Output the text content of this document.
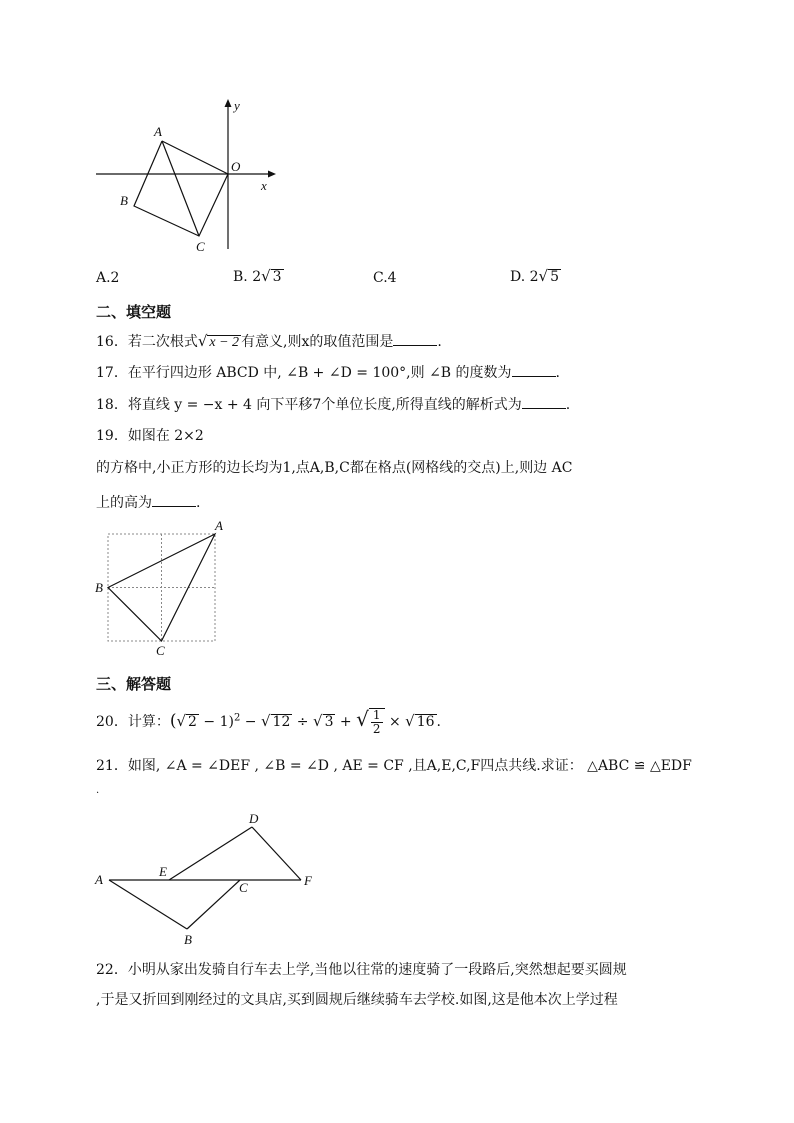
y
O
x
A
B
C
A.2	B. 2√ 3	C.4	D. 2√ 5
二、填空题
16．若二次根式√ x − 2 有意义,则x的取值范围是	.
17．在平行四边形 ABCD 中, ∠B + ∠D = 100°,则 ∠B 的度数为	.
18．将直线 y = −x + 4 向下平移7个单位长度,所得直线的解析式为	.
19．如图在 2×2
的方格中,小正方形的边长均为1,点A,B,C都在格点(网格线的交点)上,则边 AC
上的高为	.
A
B
C
三、解答题
20．计算：(√ 2 − 1)$^2$ − √ 12 ÷ √ 3 + √ $\frac{1}{2}$ × √ 16 .
21．如图, ∠A = ∠DEF , ∠B = ∠D , AE = CF ,且A,E,C,F四点共线.求证： △ABC ≌ △EDF
.
A
E
C	F
D
B
22．小明从家出发骑自行车去上学,当他以往常的速度骑了一段路后,突然想起要买圆规
,于是又折回到刚经过的文具店,买到圆规后继续骑车去学校.如图,这是他本次上学过程
